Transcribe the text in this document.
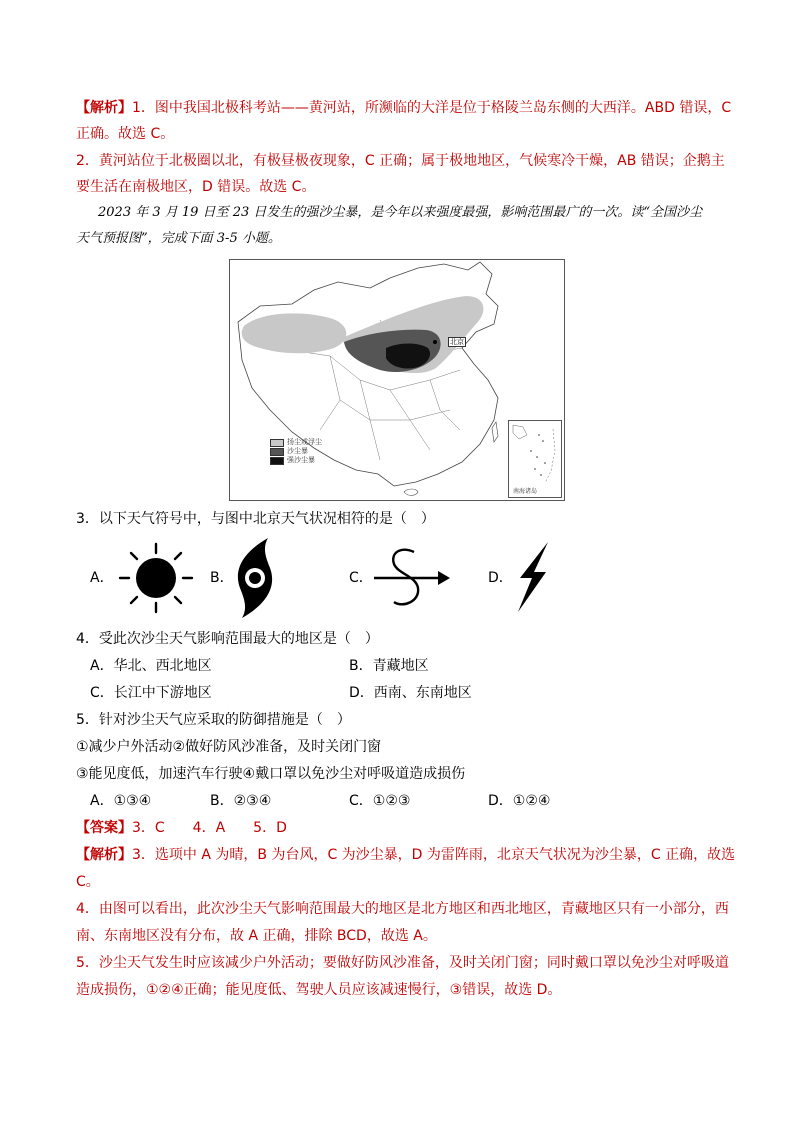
【解析】1．图中我国北极科考站——黄河站，所濒临的大洋是位于格陵兰岛东侧的大西洋。ABD 错误，C
正确。故选 C。
2．黄河站位于北极圈以北，有极昼极夜现象，C 正确；属于极地地区，气候寒冷干燥，AB 错误；企鹅主
要生活在南极地区，D 错误。故选 C。
2023 年 3 月 19 日至 23 日发生的强沙尘暴，是今年以来强度最强，影响范围最广的一次。读“全国沙尘
天气预报图”，完成下面 3-5 小题。
北京
扬尘或浮尘
沙尘暴
强沙尘暴
南海诸岛
3．以下天气符号中，与图中北京天气状况相符的是（　）
A．	B．	C．	D．
4．受此次沙尘天气影响范围最大的地区是（　）
A．华北、西北地区	B．青藏地区
C．长江中下游地区	D．西南、东南地区
5．针对沙尘天气应采取的防御措施是（　）
①减少户外活动②做好防风沙准备，及时关闭门窗
③能见度低，加速汽车行驶④戴口罩以免沙尘对呼吸道造成损伤
A．①③④	B．②③④	C．①②③	D．①②④
【答案】3．C　　4．A　　5．D
【解析】3．选项中 A 为晴，B 为台风，C 为沙尘暴，D 为雷阵雨，北京天气状况为沙尘暴，C 正确，故选
C。
4．由图可以看出，此次沙尘天气影响范围最大的地区是北方地区和西北地区，青藏地区只有一小部分，西
南、东南地区没有分布，故 A 正确，排除 BCD，故选 A。
5．沙尘天气发生时应该减少户外活动；要做好防风沙准备，及时关闭门窗；同时戴口罩以免沙尘对呼吸道
造成损伤，①②④正确；能见度低、驾驶人员应该减速慢行，③错误，故选 D。
